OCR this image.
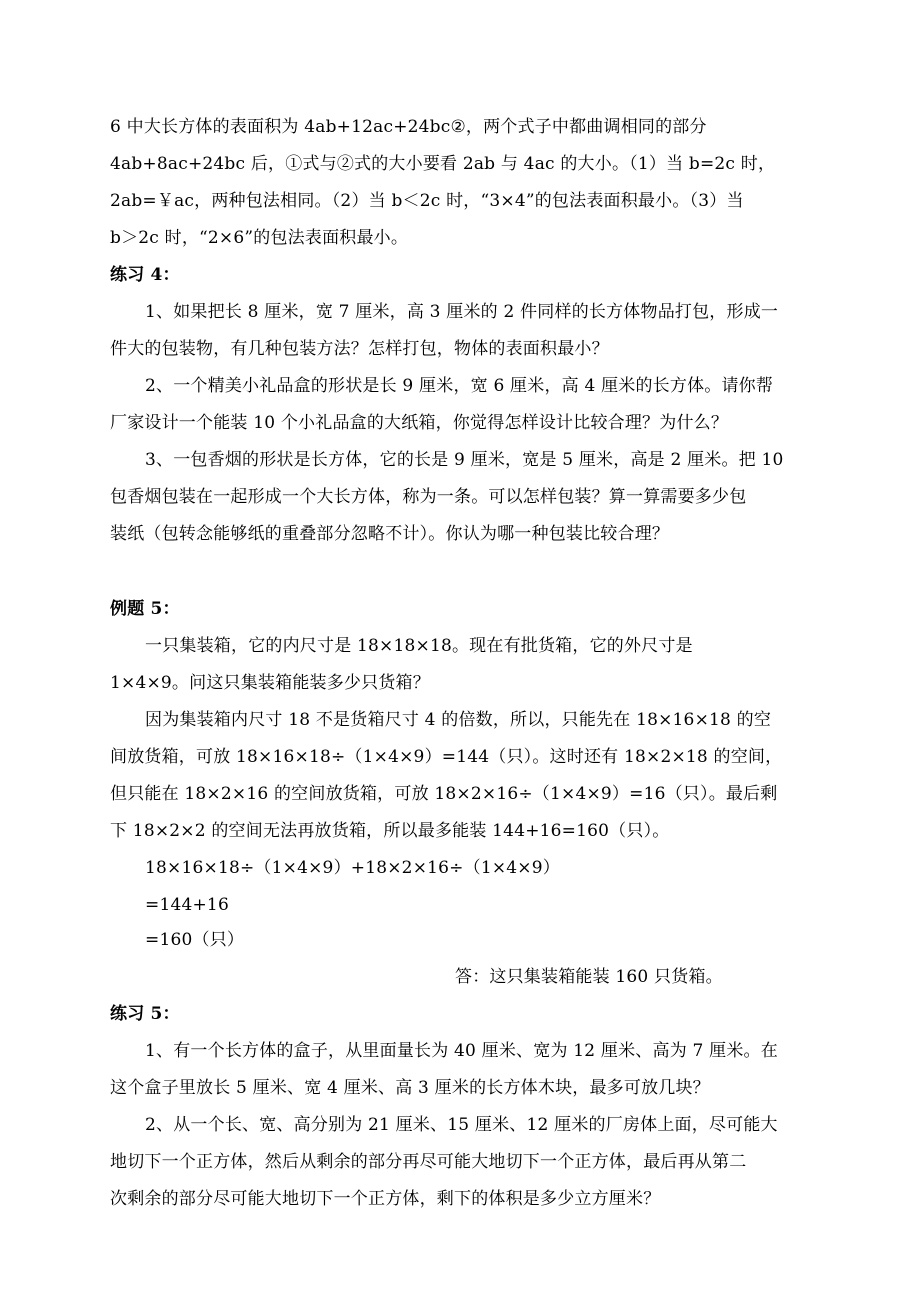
6 中大长方体的表面积为 4ab+12ac+24bc②，两个式子中都曲调相同的部分
4ab+8ac+24bc 后，①式与②式的大小要看 2ab 与 4ac 的大小。（1）当 b=2c 时，
2ab=￥ac，两种包法相同。（2）当 b＜2c 时，“3×4”的包法表面积最小。（3）当
b＞2c 时，“2×6”的包法表面积最小。
练习 4：
1、如果把长 8 厘米，宽 7 厘米，高 3 厘米的 2 件同样的长方体物品打包，形成一
件大的包装物，有几种包装方法？怎样打包，物体的表面积最小？
2、一个精美小礼品盒的形状是长 9 厘米，宽 6 厘米，高 4 厘米的长方体。请你帮
厂家设计一个能装 10 个小礼品盒的大纸箱，你觉得怎样设计比较合理？为什么？
3、一包香烟的形状是长方体，它的长是 9 厘米，宽是 5 厘米，高是 2 厘米。把 10
包香烟包装在一起形成一个大长方体，称为一条。可以怎样包装？算一算需要多少包
装纸（包转念能够纸的重叠部分忽略不计）。你认为哪一种包装比较合理？
例题 5：
一只集装箱，它的内尺寸是 18×18×18。现在有批货箱，它的外尺寸是
1×4×9。问这只集装箱能装多少只货箱？
因为集装箱内尺寸 18 不是货箱尺寸 4 的倍数，所以，只能先在 18×16×18 的空
间放货箱，可放 18×16×18÷（1×4×9）=144（只）。这时还有 18×2×18 的空间，
但只能在 18×2×16 的空间放货箱，可放 18×2×16÷（1×4×9）=16（只）。最后剩
下 18×2×2 的空间无法再放货箱，所以最多能装 144+16=160（只）。
18×16×18÷（1×4×9）+18×2×16÷（1×4×9）
=144+16
=160（只）
答：这只集装箱能装 160 只货箱。
练习 5：
1、有一个长方体的盒子，从里面量长为 40 厘米、宽为 12 厘米、高为 7 厘米。在
这个盒子里放长 5 厘米、宽 4 厘米、高 3 厘米的长方体木块，最多可放几块？
2、从一个长、宽、高分别为 21 厘米、15 厘米、12 厘米的厂房体上面，尽可能大
地切下一个正方体，然后从剩余的部分再尽可能大地切下一个正方体，最后再从第二
次剩余的部分尽可能大地切下一个正方体，剩下的体积是多少立方厘米？
